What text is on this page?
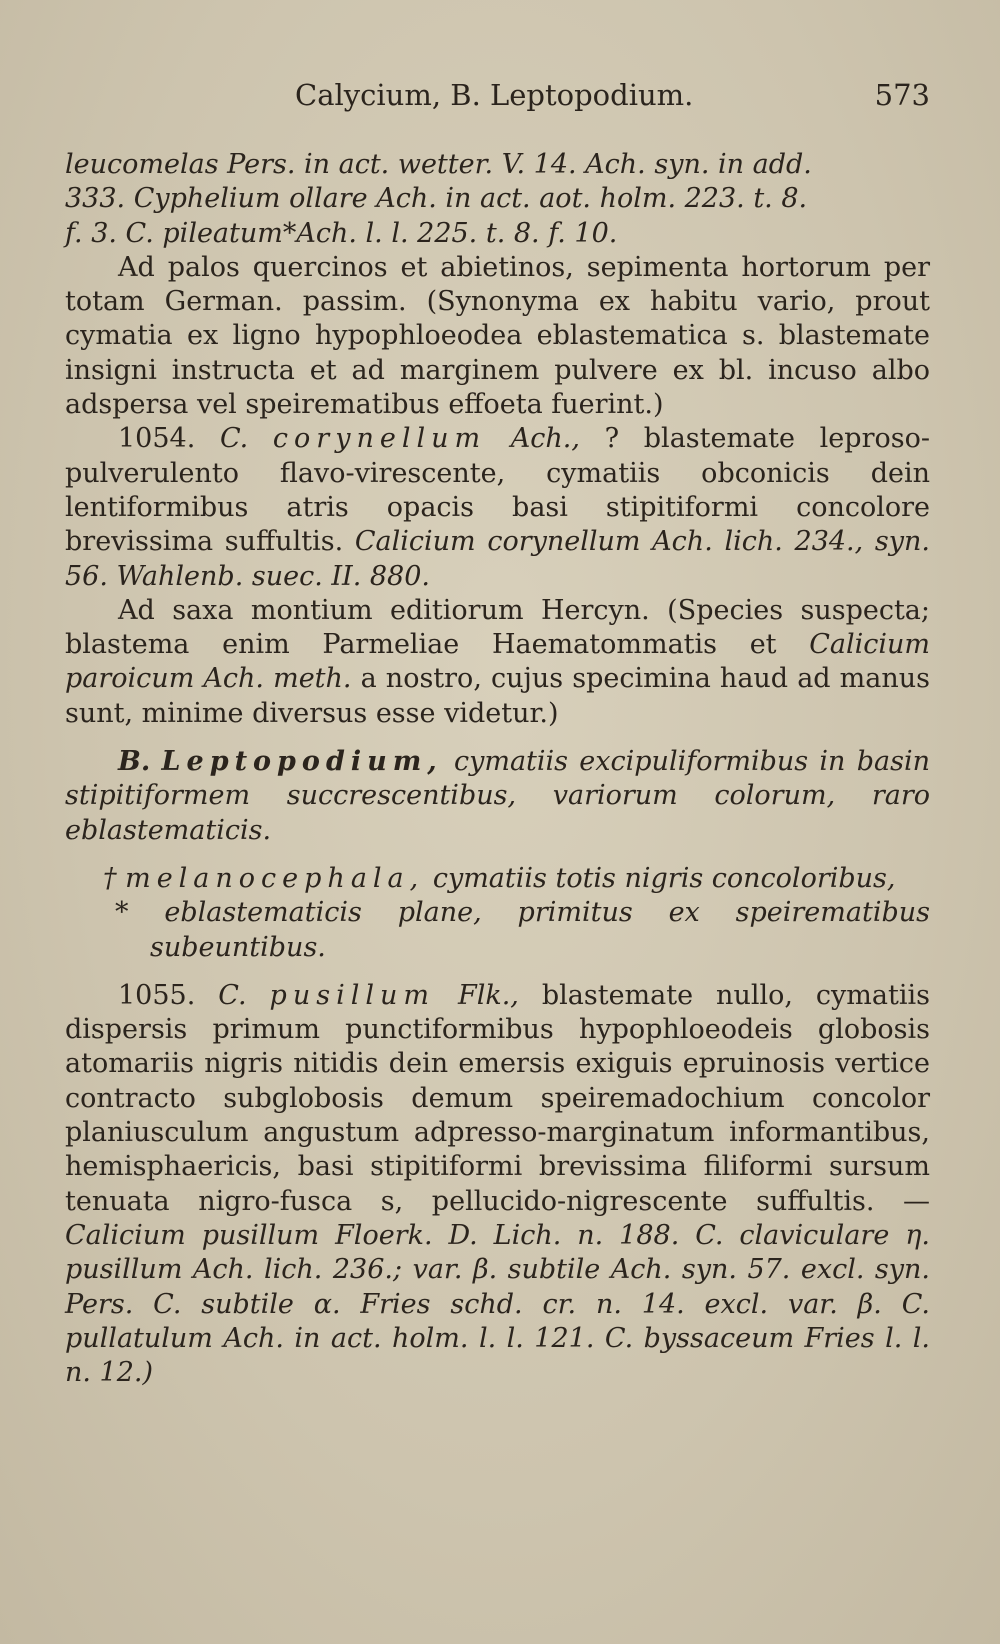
Calycium, B. Leptopodium.	573

leucomelas Pers. in act. wetter. V. 14. Ach. syn. in add.
333. Cyphelium ollare Ach. in act. aot. holm. 223. t. 8.
f. 3. C. pileatum*Ach. l. l. 225. t. 8. f. 10.

Ad palos quercinos et abietinos, sepimenta hortorum per totam German. passim. (Synonyma ex habitu vario, prout cymatia ex ligno hypophloeodea eblastematica s. blastemate insigni instructa et ad marginem pulvere ex bl. incuso albo adspersa vel speirematibus effoeta fuerint.)

1054. C. corynellum Ach., ? blastemate leproso-pulverulento flavo-virescente, cymatiis obconicis dein lentiformibus atris opacis basi stipitiformi concolore brevissima suffultis. Calicium corynellum Ach. lich. 234., syn. 56. Wahlenb. suec. II. 880.

Ad saxa montium editiorum Hercyn. (Species suspecta; blastema enim Parmeliae Haematommatis et Calicium paroicum Ach. meth. a nostro, cujus specimina haud ad manus sunt, minime diversus esse videtur.)

B. Leptopodium, cymatiis excipuliformibus in basin stipitiformem succrescentibus, variorum colorum, raro eblastematicis.

† melanocephala, cymatiis totis nigris concoloribus,

* eblastematicis plane, primitus ex speirematibus subeuntibus.

1055. C. pusillum Flk., blastemate nullo, cymatiis dispersis primum punctiformibus hypophloeodeis globosis atomariis nigris nitidis dein emersis exiguis epruinosis vertice contracto subglobosis demum speiremadochium concolor planiusculum angustum adpresso-marginatum informantibus, hemisphaericis, basi stipitiformi brevissima filiformi sursum tenuata nigro-fusca s, pellucido-nigrescente suffultis. — Calicium pusillum Floerk. D. Lich. n. 188. C. claviculare η. pusillum Ach. lich. 236.; var. β. subtile Ach. syn. 57. excl. syn. Pers. C. subtile α. Fries schd. cr. n. 14. excl. var. β. C. pullatulum Ach. in act. holm. l. l. 121. C. byssaceum Fries l. l. n. 12.)
